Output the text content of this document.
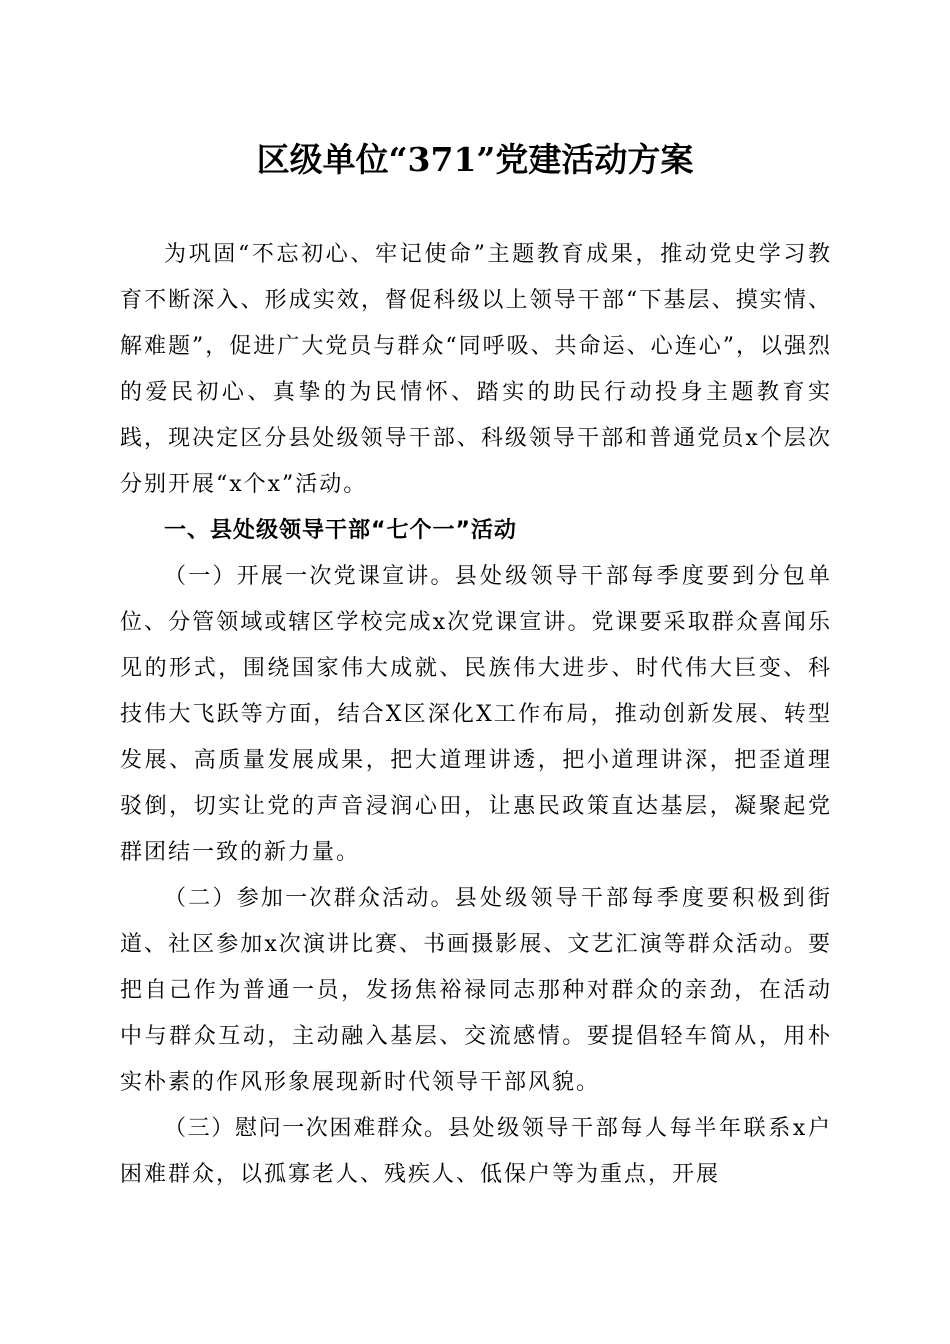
区级单位“371”党建活动方案

为巩固“不忘初心、牢记使命”主题教育成果，推动党史学习教育不断深入、形成实效，督促科级以上领导干部“下基层、摸实情、解难题”，促进广大党员与群众“同呼吸、共命运、心连心”，以强烈的爱民初心、真挚的为民情怀、踏实的助民行动投身主题教育实践，现决定区分县处级领导干部、科级领导干部和普通党员x个层次分别开展“x个x”活动。

一、县处级领导干部“七个一”活动

（一）开展一次党课宣讲。县处级领导干部每季度要到分包单位、分管领域或辖区学校完成x次党课宣讲。党课要采取群众喜闻乐见的形式，围绕国家伟大成就、民族伟大进步、时代伟大巨变、科技伟大飞跃等方面，结合X区深化X工作布局，推动创新发展、转型发展、高质量发展成果，把大道理讲透，把小道理讲深，把歪道理驳倒，切实让党的声音浸润心田，让惠民政策直达基层，凝聚起党群团结一致的新力量。

（二）参加一次群众活动。县处级领导干部每季度要积极到街道、社区参加x次演讲比赛、书画摄影展、文艺汇演等群众活动。要把自己作为普通一员，发扬焦裕禄同志那种对群众的亲劲，在活动中与群众互动，主动融入基层、交流感情。要提倡轻车简从，用朴实朴素的作风形象展现新时代领导干部风貌。

（三）慰问一次困难群众。县处级领导干部每人每半年联系x户困难群众，以孤寡老人、残疾人、低保户等为重点，开展
